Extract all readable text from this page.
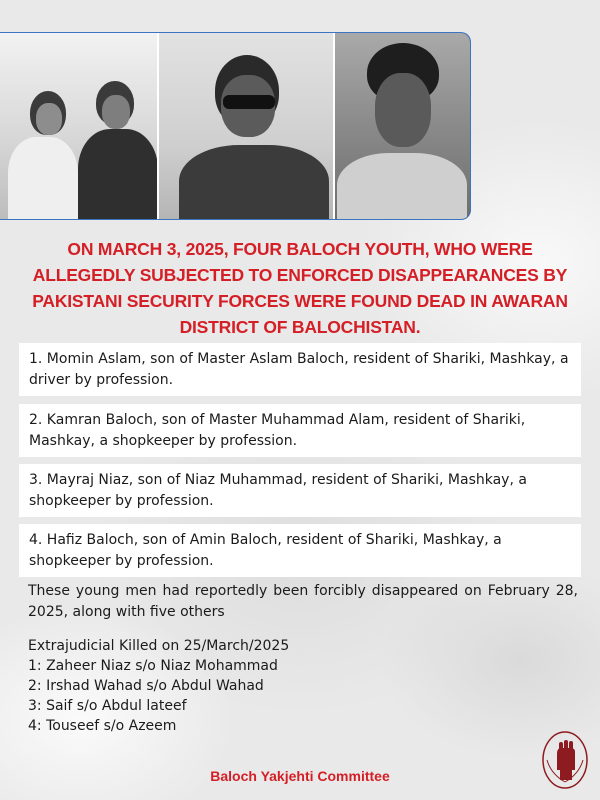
ON MARCH 3, 2025, FOUR BALOCH YOUTH, WHO WERE ALLEGEDLY SUBJECTED TO ENFORCED DISAPPEARANCES BY PAKISTANI SECURITY FORCES WERE FOUND DEAD IN AWARAN DISTRICT OF BALOCHISTAN.
1. Momin Aslam, son of Master Aslam Baloch, resident of Shariki, Mashkay, a driver by profession.
2. Kamran Baloch, son of Master Muhammad Alam, resident of Shariki, Mashkay, a shopkeeper by profession.
3. Mayraj Niaz, son of Niaz Muhammad, resident of Shariki, Mashkay, a shopkeeper by profession.
4. Hafiz Baloch, son of Amin Baloch, resident of Shariki, Mashkay, a shopkeeper by profession.
These young men had reportedly been forcibly disappeared on February 28, 2025, along with five others
Extrajudicial Killed on 25/March/2025
1: Zaheer Niaz s/o Niaz Mohammad
2: Irshad Wahad s/o Abdul Wahad
3: Saif s/o Abdul lateef
4: Touseef s/o Azeem
Baloch Yakjehti Committee
